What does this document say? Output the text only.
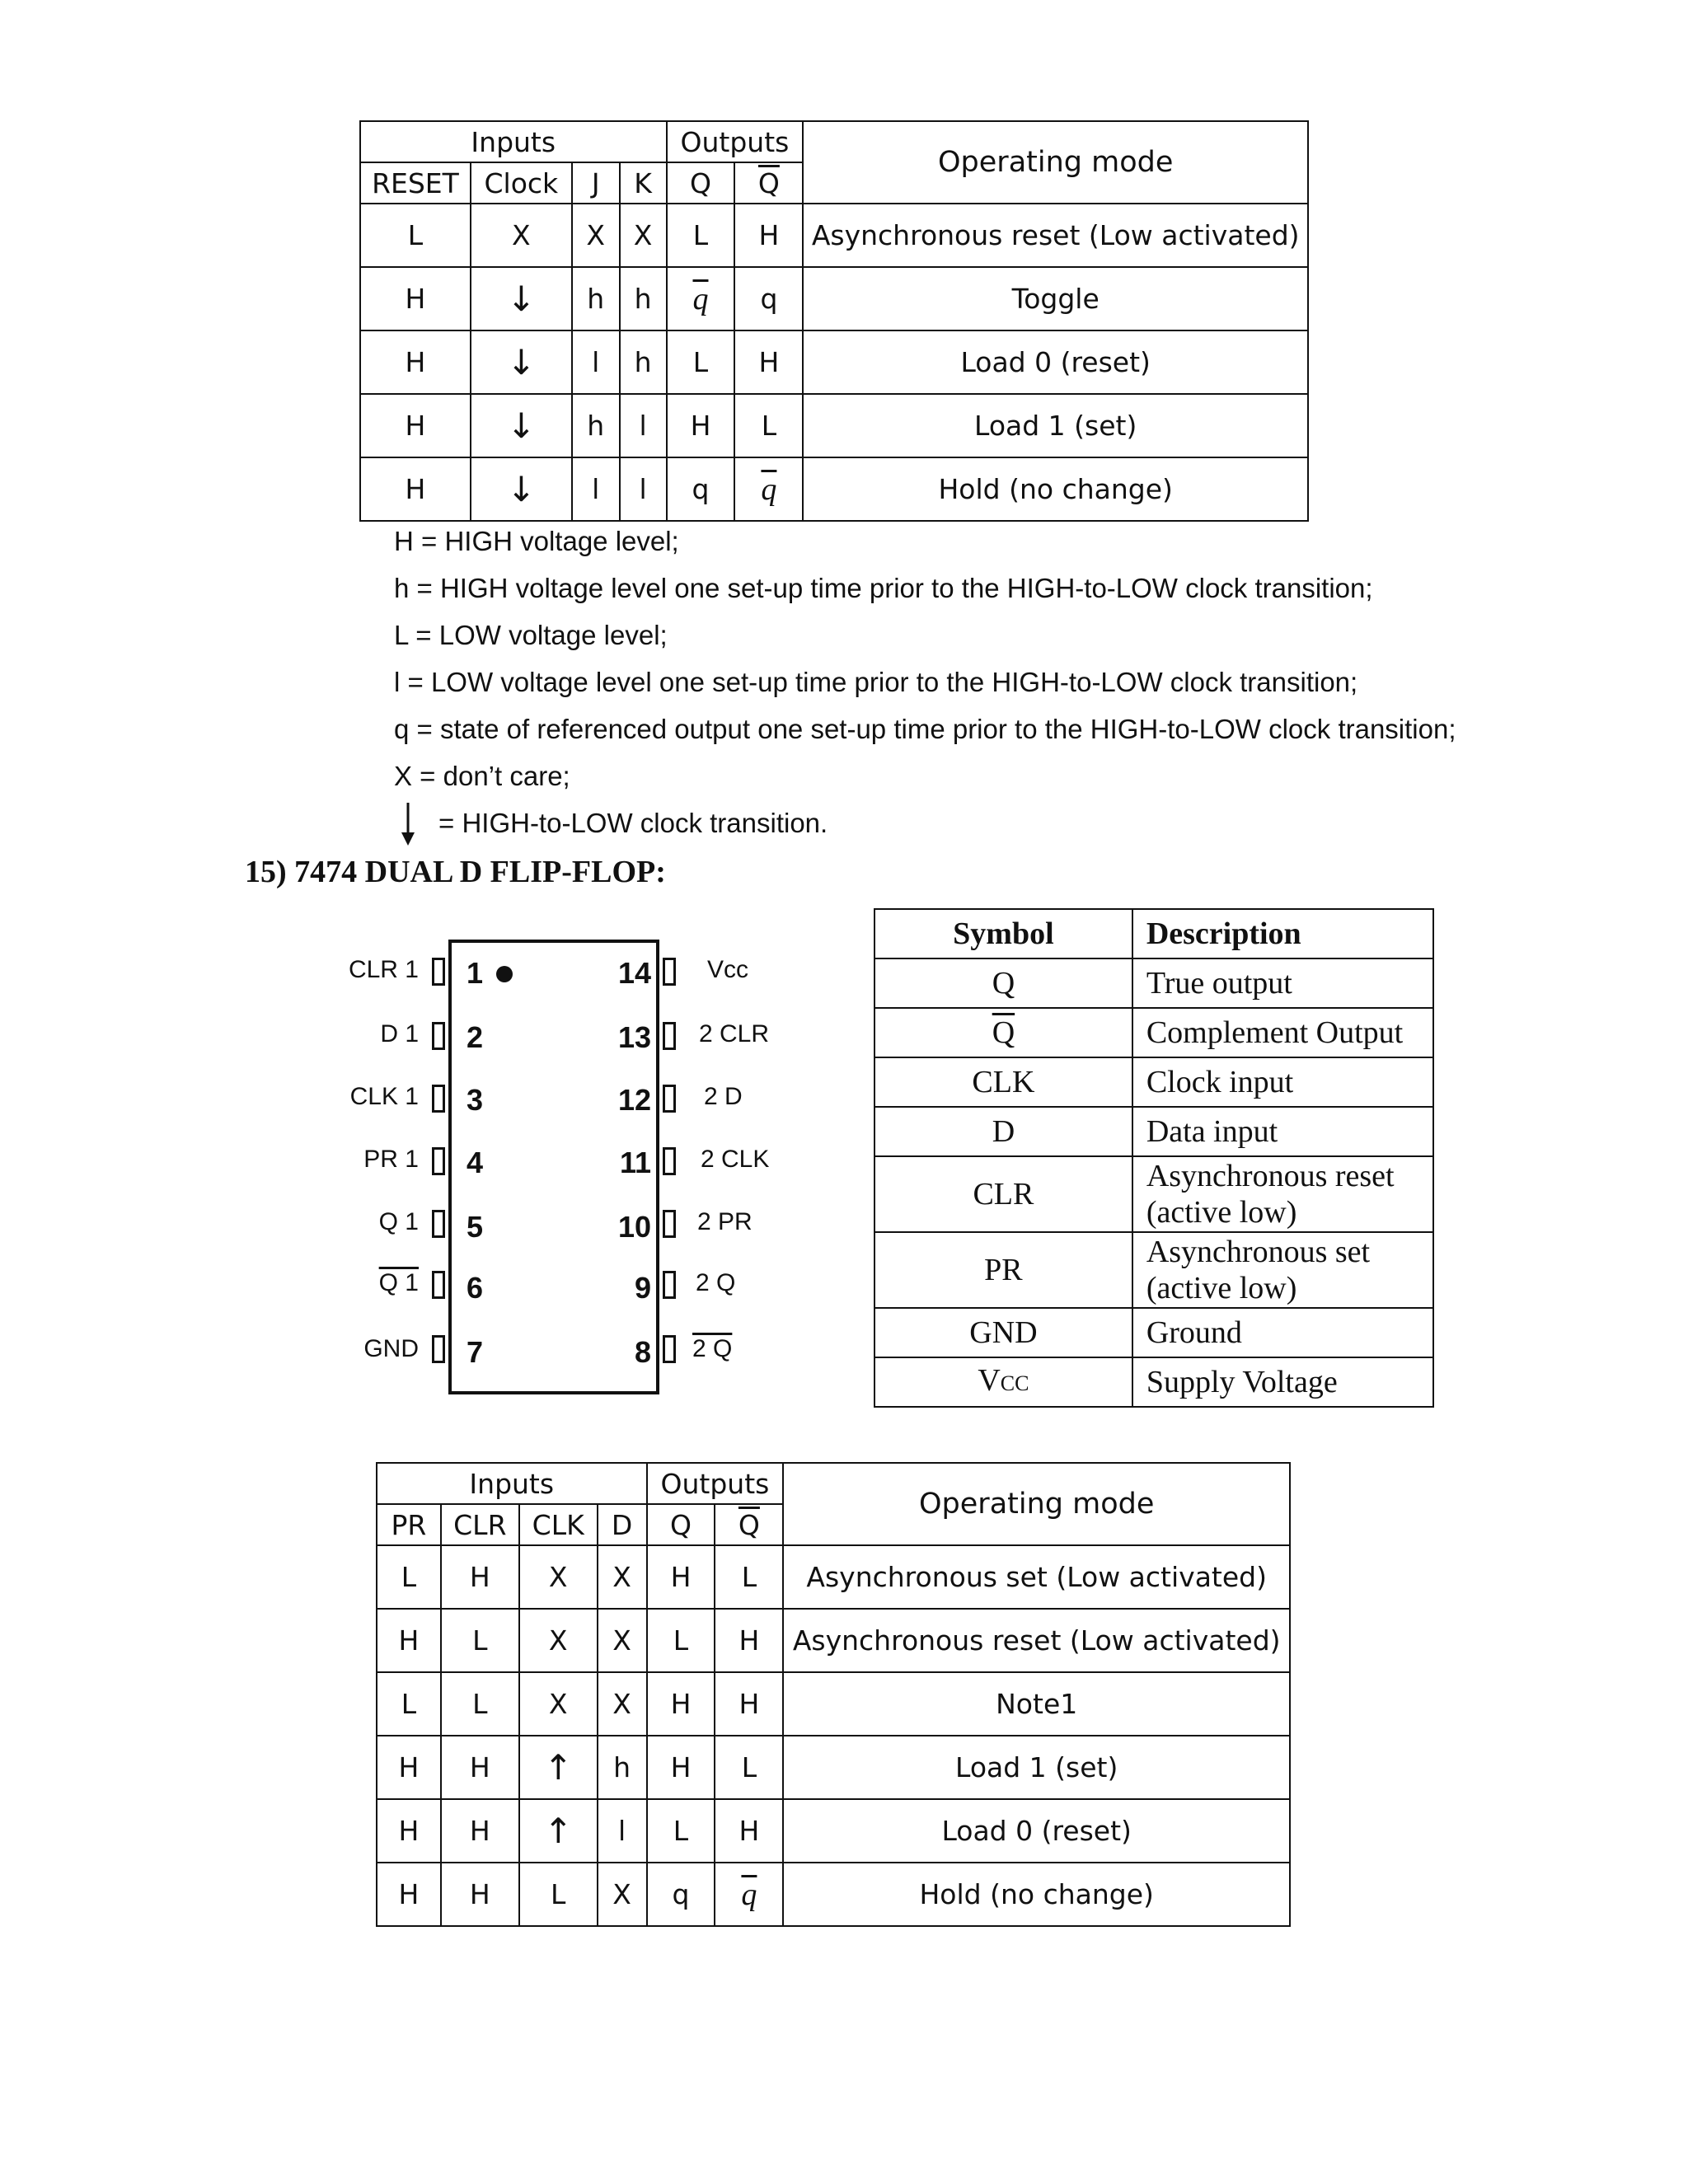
Inputs				Outputs		Operating mode
RESET	Clock	J	K	Q	$\overline{Q}$
L	X	X	X	L	H	Asynchronous reset (Low activated)
H	↓	h	h	$\overline{q}$	q	Toggle
H	↓	l	h	L	H	Load 0 (reset)
H	↓	h	l	H	L	Load 1 (set)
H	↓	l	l	q	$\overline{q}$	Hold (no change)
H = HIGH voltage level;
h = HIGH voltage level one set-up time prior to the HIGH-to-LOW clock transition;
L = LOW voltage level;
l = LOW voltage level one set-up time prior to the HIGH-to-LOW clock transition;
q = state of referenced output one set-up time prior to the HIGH-to-LOW clock transition;
X = don’t care;
= HIGH-to-LOW clock transition.
15) 7474 DUAL D FLIP-FLOP:
CLR 1 1
D 1 2
CLK 1 3
PR 1 4
Q 1 5
Q 1 6
GND 7
14 Vcc
13 2 CLR
12 2 D
11 2 CLK
10 2 PR
9 2 Q
8 2 Q
Symbol	Description
Q	True output
$\overline{Q}$	Complement Output
CLK	Clock input
D	Data input
CLR	Asynchronous reset (active low)
PR	Asynchronous set (active low)
GND	Ground
VCC	Supply Voltage
Inputs				Outputs		Operating mode
PR	CLR	CLK	D	Q	$\overline{Q}$
L	H	X	X	H	L	Asynchronous set (Low activated)
H	L	X	X	L	H	Asynchronous reset (Low activated)
L	L	X	X	H	H	Note1
H	H	↑	h	H	L	Load 1 (set)
H	H	↑	l	L	H	Load 0 (reset)
H	H	L	X	q	$\overline{q}$	Hold (no change)
